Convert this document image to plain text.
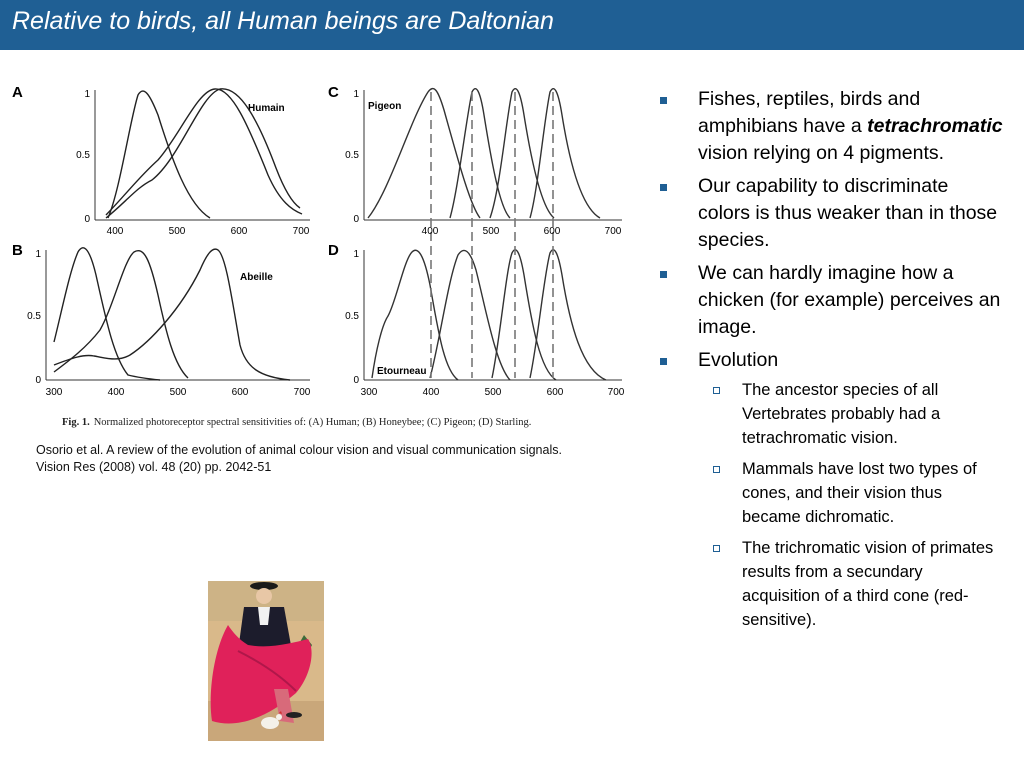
Relative to birds, all Human beings are Daltonian
A	1
0.5
0
400	500	600	700
Humain
B 1
0.5
0
300	400	500	600	700
Abeille
C 1
0.5
0
Pigeon
D 1
0.5
0
300	400	500	600	700
Etourneau
400	500	600	700
Fig. 1. Normalized photoreceptor spectral sensitivities of: (A) Human; (B) Honeybee; (C) Pigeon; (D) Starling.
Osorio et al. A review of the evolution of animal colour vision and visual communication signals.
Vision Res (2008) vol. 48 (20) pp. 2042-51
Fishes, reptiles, birds and amphibians have a tetrachromatic vision relying on 4 pigments.
Our capability to discriminate colors is thus weaker than in those species.
We can hardly imagine how a chicken (for example) perceives an image.
Evolution
The ancestor species of all Vertebrates probably had a tetrachromatic vision.
Mammals have lost two types of cones, and their vision thus became dichromatic.
The trichromatic vision of primates results from a secundary acquisition of a third cone (red-sensitive).
